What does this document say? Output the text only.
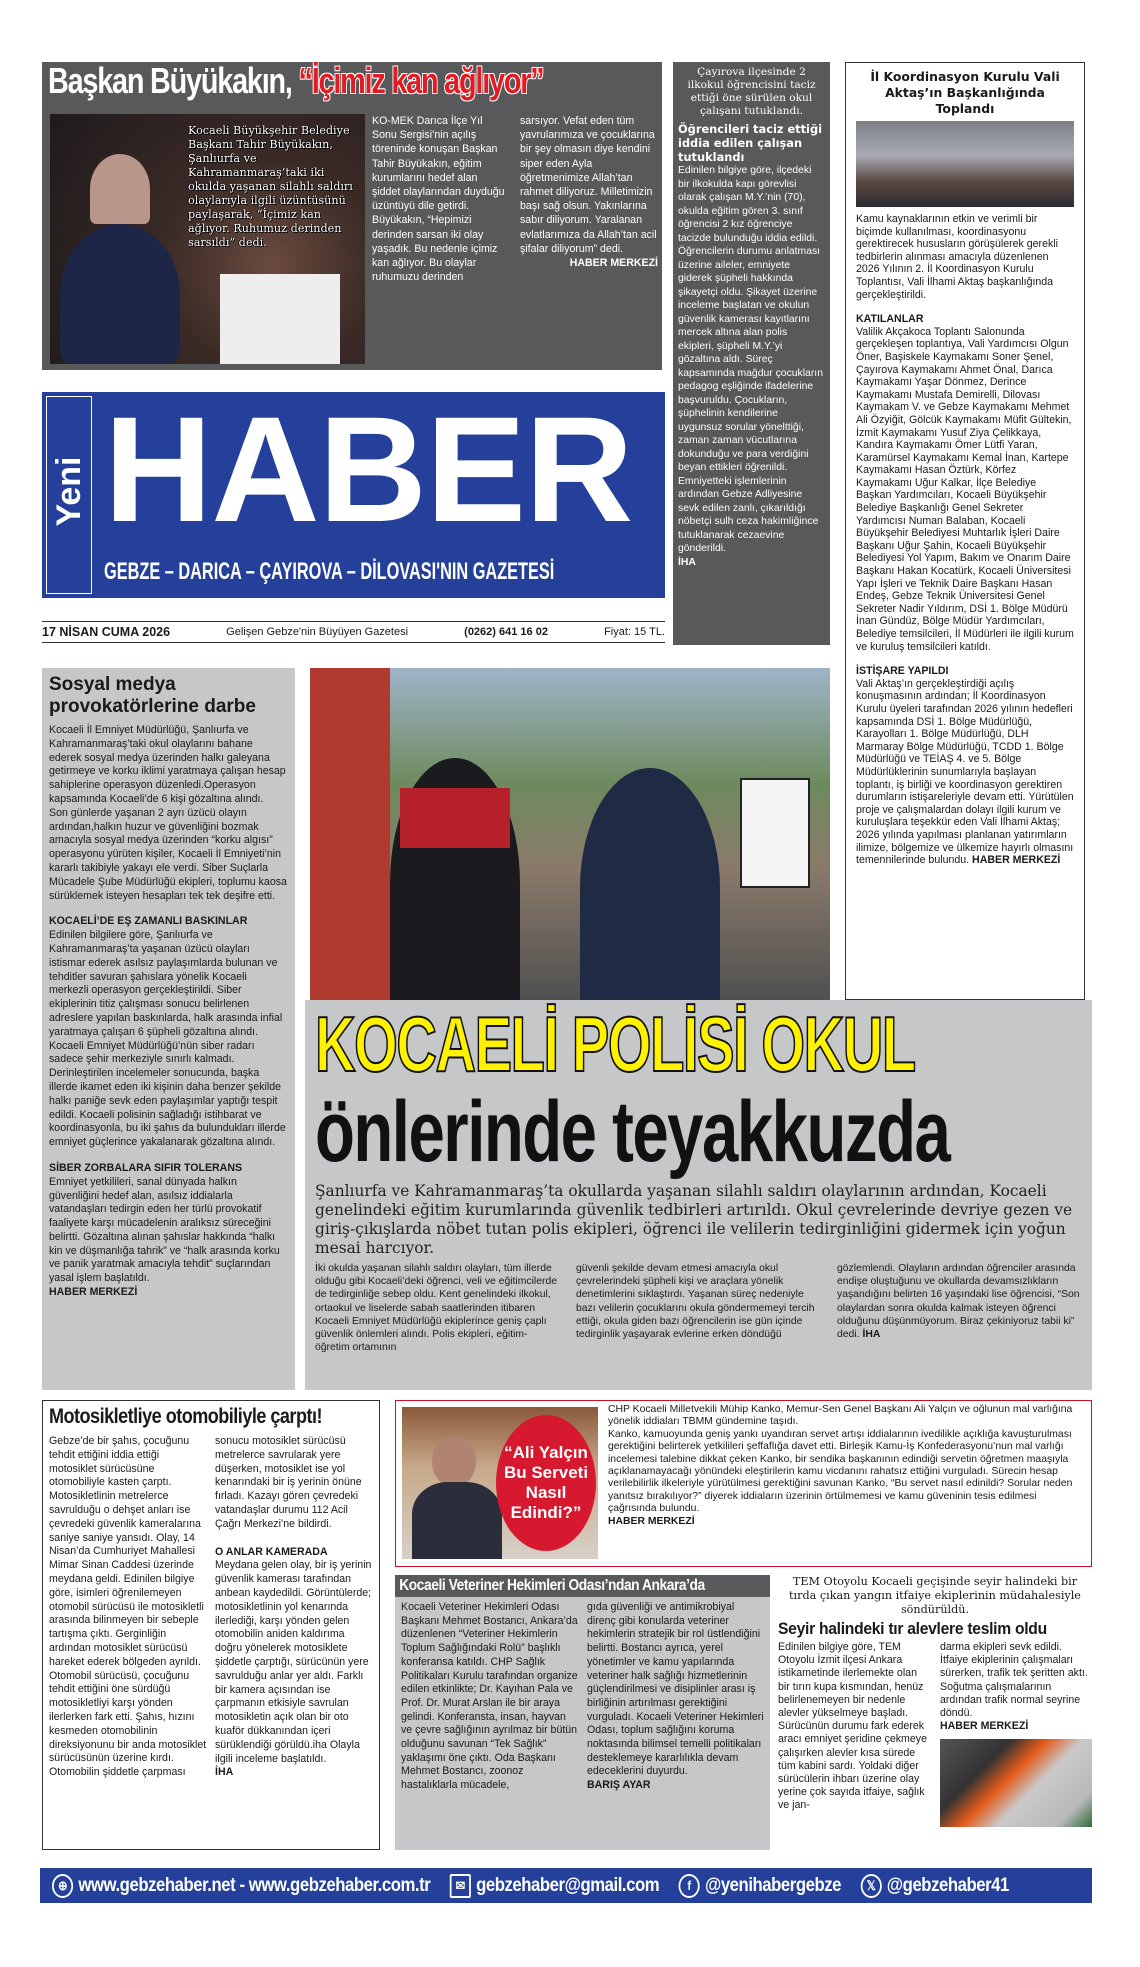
Başkan Büyükakın, “İçimiz kan ağlıyor”
Kocaeli Büyükşehir Belediye Başkanı Tahir Büyükakın, Şanlıurfa ve Kahramanmaraş’taki iki okulda yaşanan silahlı saldırı olaylarıyla ilgili üzüntüsünü paylaşarak, “İçimiz kan ağlıyor. Ruhumuz derinden sarsıldı” dedi.

KO-MEK Darıca İlçe Yıl Sonu Sergisi’nin açılış töreninde konuşan Başkan Tahir Büyükakın, eğitim kurumlarını hedef alan şiddet olaylarından duyduğu üzüntüyü dile getirdi. Büyükakın, “Hepimizi derinden sarsan iki olay yaşadık. Bu nedenle içimiz kan ağlıyor. Bu olaylar ruhumuzu derinden

sarsıyor. Vefat eden tüm yavrularımıza ve çocuklarına bir şey olmasın diye kendini siper eden Ayla öğretmenimize Allah’tan rahmet diliyoruz. Milletimizin başı sağ olsun. Yakınlarına sabır diliyorum. Yaralanan evlatlarımıza da Allah’tan acil şifalar diliyorum” dedi.

HABER MERKEZİ

Çayırova ilçesinde 2 ilkokul öğrencisini taciz ettiği öne sürülen okul çalışanı tutuklandı.

Öğrencileri taciz ettiği iddia edilen çalışan tutuklandı

Edinilen bilgiye göre, ilçedeki bir ilkokulda kapı görevlisi olarak çalışan M.Y.’nin (70), okulda eğitim gören 3. sınıf öğrencisi 2 kız öğrenciye tacizde bulunduğu iddia edildi. Öğrencilerin durumu anlatması üzerine aileler, emniyete giderek şüpheli hakkında şikayetçi oldu. Şikayet üzerine inceleme başlatan ve okulun güvenlik kamerası kayıtlarını mercek altına alan polis ekipleri, şüpheli M.Y.’yi gözaltına aldı. Süreç kapsamında mağdur çocukların pedagog eşliğinde ifadelerine başvuruldu. Çocukların, şüphelinin kendilerine uygunsuz sorular yönelttiği, zaman zaman vücutlarına dokunduğu ve para verdiğini beyan ettikleri öğrenildi.

Emniyetteki işlemlerinin ardından Gebze Adliyesine sevk edilen zanlı, çıkarıldığı nöbetçi sulh ceza hakimliğince tutuklanarak cezaevine gönderildi.

İHA

İl Koordinasyon Kurulu Vali Aktaş’ın Başkanlığında Toplandı

Kamu kaynaklarının etkin ve verimli bir biçimde kullanılması, koordinasyonu gerektirecek hususların görüşülerek gerekli tedbirlerin alınması amacıyla düzenlenen 2026 Yılının 2. İl Koordinasyon Kurulu Toplantısı, Vali İlhami Aktaş başkanlığında gerçekleştirildi.

KATILANLAR

Valilik Akçakoca Toplantı Salonunda gerçekleşen toplantıya, Vali Yardımcısı Olgun Öner, Başiskele Kaymakamı Soner Şenel, Çayırova Kaymakamı Ahmet Önal, Darıca Kaymakamı Yaşar Dönmez, Derince Kaymakamı Mustafa Demirelli, Dilovası Kaymakam V. ve Gebze Kaymakamı Mehmet Ali Özyiğit, Gölcük Kaymakamı Müfit Gültekin, İzmit Kaymakamı Yusuf Ziya Çelikkaya, Kandıra Kaymakamı Ömer Lütfi Yaran, Karamürsel Kaymakamı Kemal İnan, Kartepe Kaymakamı Hasan Öztürk, Körfez Kaymakamı Uğur Kalkar, İlçe Belediye Başkan Yardımcıları, Kocaeli Büyükşehir Belediye Başkanlığı Genel Sekreter Yardımcısı Numan Balaban, Kocaeli Büyükşehir Belediyesi Muhtarlık İşleri Daire Başkanı Uğur Şahin, Kocaeli Büyükşehir Belediyesi Yol Yapım, Bakım ve Onarım Daire Başkanı Hakan Kocatürk, Kocaeli Üniversitesi Yapı İşleri ve Teknik Daire Başkanı Hasan Endeş, Gebze Teknik Üniversitesi Genel Sekreter Nadir Yıldırım, DSİ 1. Bölge Müdürü İnan Gündüz, Bölge Müdür Yardımcıları, Belediye temsilcileri, İl Müdürleri ile ilgili kurum ve kuruluş temsilcileri katıldı.

İSTİŞARE YAPILDI

Vali Aktaş’ın gerçekleştirdiği açılış konuşmasının ardından; İl Koordinasyon Kurulu üyeleri tarafından 2026 yılının hedefleri kapsamında DSİ 1. Bölge Müdürlüğü, Karayolları 1. Bölge Müdürlüğü, DLH Marmaray Bölge Müdürlüğü, TCDD 1. Bölge Müdürlüğü ve TEİAŞ 4. ve 5. Bölge Müdürlüklerinin sunumlarıyla başlayan toplantı, iş birliği ve koordinasyon gerektiren durumların istişareleriyle devam etti. Yürütülen proje ve çalışmalardan dolayı ilgili kurum ve kuruluşlara teşekkür eden Vali İlhami Aktaş; 2026 yılında yapılması planlanan yatırımların ilimize, bölgemize ve ülkemize hayırlı olmasını temennilerinde bulundu. HABER MERKEZİ

Yeni HABER
GEBZE – DARICA – ÇAYIROVA – DİLOVASI'NIN GAZETESİ
17 NİSAN CUMA 2026	Gelişen Gebze'nin Büyüyen Gazetesi	(0262) 641 16 02	Fiyat: 15 TL.

Sosyal medya provokatörlerine darbe

Kocaeli İl Emniyet Müdürlüğü, Şanlıurfa ve Kahramanmaraş’taki okul olaylarını bahane ederek sosyal medya üzerinden halkı galeyana getirmeye ve korku iklimi yaratmaya çalışan hesap sahiplerine operasyon düzenledi.Operasyon kapsamında Kocaeli’de 6 kişi gözaltına alındı.

Son günlerde yaşanan 2 ayrı üzücü olayın ardından,halkın huzur ve güvenliğini bozmak amacıyla sosyal medya üzerinden “korku algısı” operasyonu yürüten kişiler, Kocaeli İl Emniyeti’nin kararlı takibiyle yakayı ele verdi. Siber Suçlarla Mücadele Şube Müdürlüğü ekipleri, toplumu kaosa sürüklemek isteyen hesapları tek tek deşifre etti.

KOCAELİ’DE EŞ ZAMANLI BASKINLAR

Edinilen bilgilere göre, Şanlıurfa ve Kahramanmaraş’ta yaşanan üzücü olayları istismar ederek asılsız paylaşımlarda bulunan ve tehditler savuran şahıslara yönelik Kocaeli merkezli operasyon gerçekleştirildi. Siber ekiplerinin titiz çalışması sonucu belirlenen adreslere yapılan baskınlarda, halk arasında infial yaratmaya çalışan 6 şüpheli gözaltına alındı. Kocaeli Emniyet Müdürlüğü’nün siber radarı sadece şehir merkeziyle sınırlı kalmadı. Derinleştirilen incelemeler sonucunda, başka illerde ikamet eden iki kişinin daha benzer şekilde halkı paniğe sevk eden paylaşımlar yaptığı tespit edildi. Kocaeli polisinin sağladığı istihbarat ve koordinasyonla, bu iki şahıs da bulundukları illerde emniyet güçlerince yakalanarak gözaltına alındı.

SİBER ZORBALARA SIFIR TOLERANS

Emniyet yetkilileri, sanal dünyada halkın güvenliğini hedef alan, asılsız iddialarla vatandaşları tedirgin eden her türlü provokatif faaliyete karşı mücadelenin aralıksız süreceğini belirtti. Gözaltına alınan şahıslar hakkında “halkı kin ve düşmanlığa tahrik” ve “halk arasında korku ve panik yaratmak amacıyla tehdit” suçlarından yasal işlem başlatıldı.

HABER MERKEZİ

KOCAELİ POLİSİ OKUL
önlerinde teyakkuzda

Şanlıurfa ve Kahramanmaraş’ta okullarda yaşanan silahlı saldırı olaylarının ardından, Kocaeli genelindeki eğitim kurumlarında güvenlik tedbirleri artırıldı. Okul çevrelerinde devriye gezen ve giriş-çıkışlarda nöbet tutan polis ekipleri, öğrenci ile velilerin tedirginliğini gidermek için yoğun mesai harcıyor.

İki okulda yaşanan silahlı saldırı olayları, tüm illerde olduğu gibi Kocaeli’deki öğrenci, veli ve eğitimcilerde de tedirginliğe sebep oldu. Kent genelindeki ilkokul, ortaokul ve liselerde sabah saatlerinden itibaren Kocaeli Emniyet Müdürlüğü ekiplerince geniş çaplı güvenlik önlemleri alındı. Polis ekipleri, eğitim-öğretim ortamının

güvenli şekilde devam etmesi amacıyla okul çevrelerindeki şüpheli kişi ve araçlara yönelik denetimlerini sıklaştırdı. Yaşanan süreç nedeniyle bazı velilerin çocuklarını okula göndermemeyi tercih ettiği, okula giden bazı öğrencilerin ise gün içinde tedirginlik yaşayarak evlerine erken döndüğü

gözlemlendi. Olayların ardından öğrenciler arasında endişe oluştuğunu ve okullarda devamsızlıkların yaşandığını belirten 16 yaşındaki lise öğrencisi, “Son olaylardan sonra okulda kalmak isteyen öğrenci olduğunu düşünmüyorum. Biraz çekiniyoruz tabii ki” dedi. İHA

Motosikletliye otomobiliyle çarptı!

Gebze’de bir şahıs, çocuğunu tehdit ettiğini iddia ettiği motosiklet sürücüsüne otomobiliyle kasten çarptı. Motosikletlinin metrelerce savrulduğu o dehşet anları ise çevredeki güvenlik kameralarına saniye saniye yansıdı. Olay, 14 Nisan’da Cumhuriyet Mahallesi Mimar Sinan Caddesi üzerinde meydana geldi. Edinilen bilgiye göre, isimleri öğrenilemeyen otomobil sürücüsü ile motosikletli arasında bilinmeyen bir sebeple tartışma çıktı. Gerginliğin ardından motosiklet sürücüsü hareket ederek bölgeden ayrıldı. Otomobil sürücüsü, çocuğunu tehdit ettiğini öne sürdüğü motosikletliyi karşı yönden ilerlerken fark etti. Şahıs, hızını kesmeden otomobilinin direksiyonunu bir anda motosiklet sürücüsünün üzerine kırdı. Otomobilin şiddetle çarpması

sonucu motosiklet sürücüsü metrelerce savrularak yere düşerken, motosiklet ise yol kenarındaki bir iş yerinin önüne fırladı. Kazayı gören çevredeki vatandaşlar durumu 112 Acil Çağrı Merkezi’ne bildirdi.

O ANLAR KAMERADA

Meydana gelen olay, bir iş yerinin güvenlik kamerası tarafından anbean kaydedildi. Görüntülerde; motosikletlinin yol kenarında ilerlediği, karşı yönden gelen otomobilin aniden kaldırıma doğru yönelerek motosiklete şiddetle çarptığı, sürücünün yere savrulduğu anlar yer aldı. Farklı bir kamera açısından ise çarpmanın etkisiyle savrulan motosikletin açık olan bir oto kuaför dükkanından içeri sürüklendiği görüldü.iha Olayla ilgili inceleme başlatıldı.

İHA

“Ali Yalçın Bu Serveti Nasıl Edindi?”

CHP Kocaeli Milletvekili Mühip Kanko, Memur-Sen Genel Başkanı Ali Yalçın ve oğlunun mal varlığına yönelik iddiaları TBMM gündemine taşıdı.

Kanko, kamuoyunda geniş yankı uyandıran servet artışı iddialarının ivedilikle açıklığa kavuşturulması gerektiğini belirterek yetkilileri şeffaflığa davet etti. Birleşik Kamu-İş Konfederasyonu’nun mal varlığı incelemesi talebine dikkat çeken Kanko, bir sendika başkanının edindiği servetin öğretmen maaşıyla açıklanamayacağı yönündeki eleştirilerin kamu vicdanını rahatsız ettiğini vurguladı. Sürecin hesap verilebilirlik ilkeleriyle yürütülmesi gerektiğini savunan Kanko, “Bu servet nasıl edinildi? Sorular neden yanıtsız bırakılıyor?” diyerek iddiaların üzerinin örtülmemesi ve kamu güveninin tesis edilmesi çağrısında bulundu.

HABER MERKEZİ

Kocaeli Veteriner Hekimleri Odası’ndan Ankara’da

Kocaeli Veteriner Hekimleri Odası Başkanı Mehmet Bostancı, Ankara’da düzenlenen “Veteriner Hekimlerin Toplum Sağlığındaki Rolü” başlıklı konferansa katıldı. CHP Sağlık Politikaları Kurulu tarafından organize edilen etkinlikte; Dr. Kayıhan Pala ve Prof. Dr. Murat Arslan ile bir araya gelindi. Konferansta, insan, hayvan ve çevre sağlığının ayrılmaz bir bütün olduğunu savunan “Tek Sağlık” yaklaşımı öne çıktı. Oda Başkanı Mehmet Bostancı, zoonoz hastalıklarla mücadele,

gıda güvenliği ve antimikrobiyal direnç gibi konularda veteriner hekimlerin stratejik bir rol üstlendiğini belirtti. Bostancı ayrıca, yerel yönetimler ve kamu yapılarında veteriner halk sağlığı hizmetlerinin güçlendirilmesi ve disiplinler arası iş birliğinin artırılması gerektiğini vurguladı. Kocaeli Veteriner Hekimleri Odası, toplum sağlığını koruma noktasında bilimsel temelli politikaları desteklemeye kararlılıkla devam edeceklerini duyurdu.

BARIŞ AYAR

TEM Otoyolu Kocaeli geçişinde seyir halindeki bir tırda çıkan yangın itfaiye ekiplerinin müdahalesiyle söndürüldü.

Seyir halindeki tır alevlere teslim oldu

Edinilen bilgiye göre, TEM Otoyolu İzmit ilçesi Ankara istikametinde ilerlemekte olan bir tırın kupa kısmından, henüz belirlenemeyen bir nedenle alevler yükselmeye başladı. Sürücünün durumu fark ederek aracı emniyet şeridine çekmeye çalışırken alevler kısa sürede tüm kabini sardı. Yoldaki diğer sürücülerin ihbarı üzerine olay yerine çok sayıda itfaiye, sağlık ve jan-

darma ekipleri sevk edildi. İtfaiye ekiplerinin çalışmaları sürerken, trafik tek şeritten aktı. Soğutma çalışmalarının ardından trafik normal seyrine döndü.

HABER MERKEZİ

⊕ www.gebzehaber.net - www.gebzehaber.com.tr	✉ gebzehaber@gmail.com	f @yenihabergebze	𝕏 @gebzehaber41
